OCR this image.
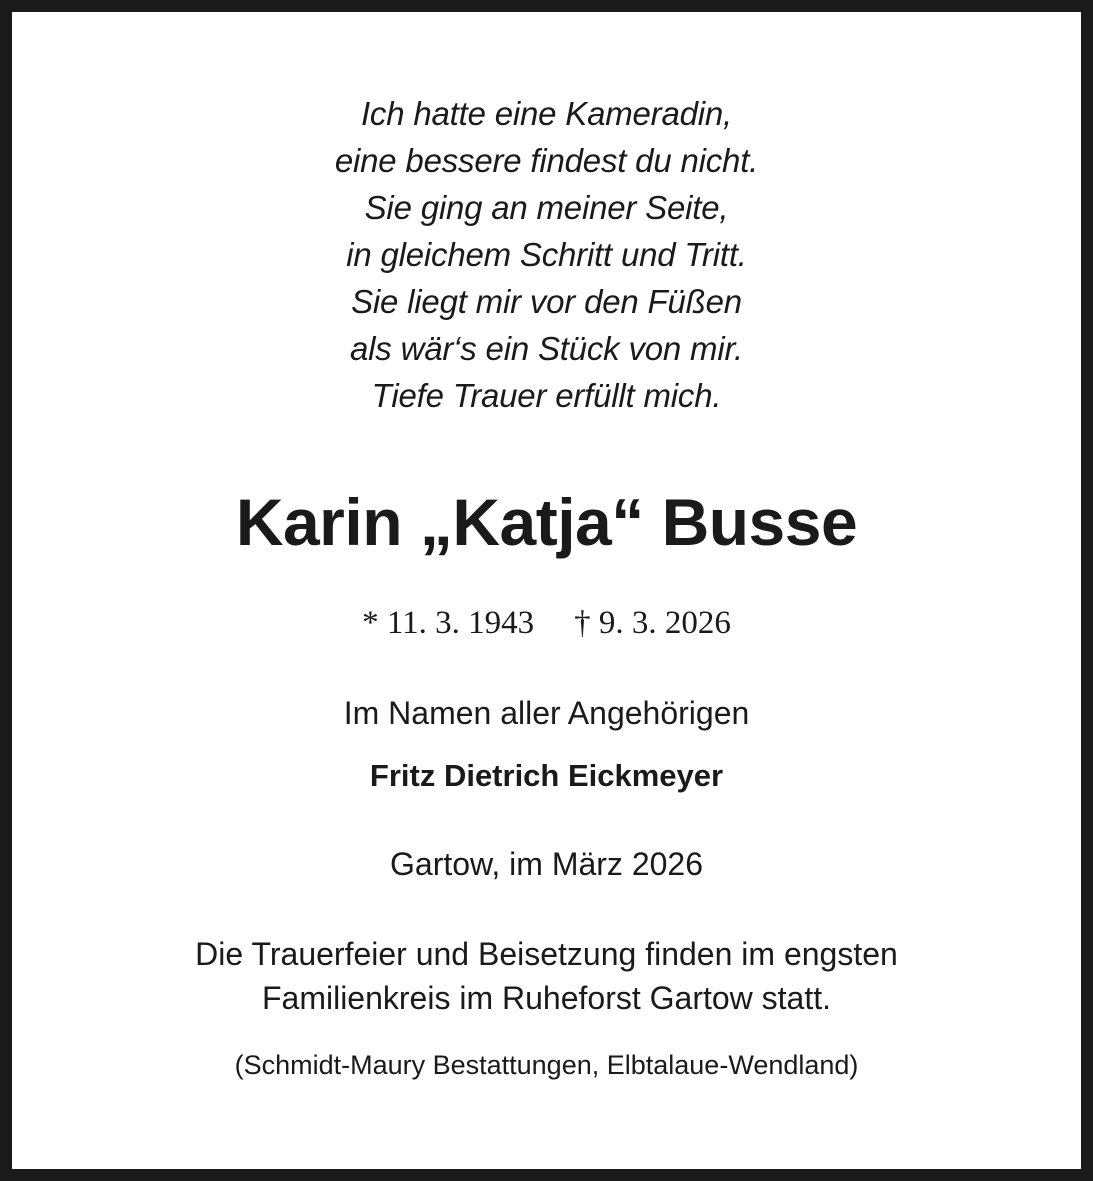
Ich hatte eine Kameradin,
eine bessere findest du nicht.
Sie ging an meiner Seite,
in gleichem Schritt und Tritt.
Sie liegt mir vor den Füßen
als wär‘s ein Stück von mir.
Tiefe Trauer erfüllt mich.
Karin „Katja“ Busse
* 11. 3. 1943 † 9. 3. 2026
Im Namen aller Angehörigen
Fritz Dietrich Eickmeyer
Gartow, im März 2026
Die Trauerfeier und Beisetzung finden im engsten
Familienkreis im Ruheforst Gartow statt.
(Schmidt-Maury Bestattungen, Elbtalaue-Wendland)
